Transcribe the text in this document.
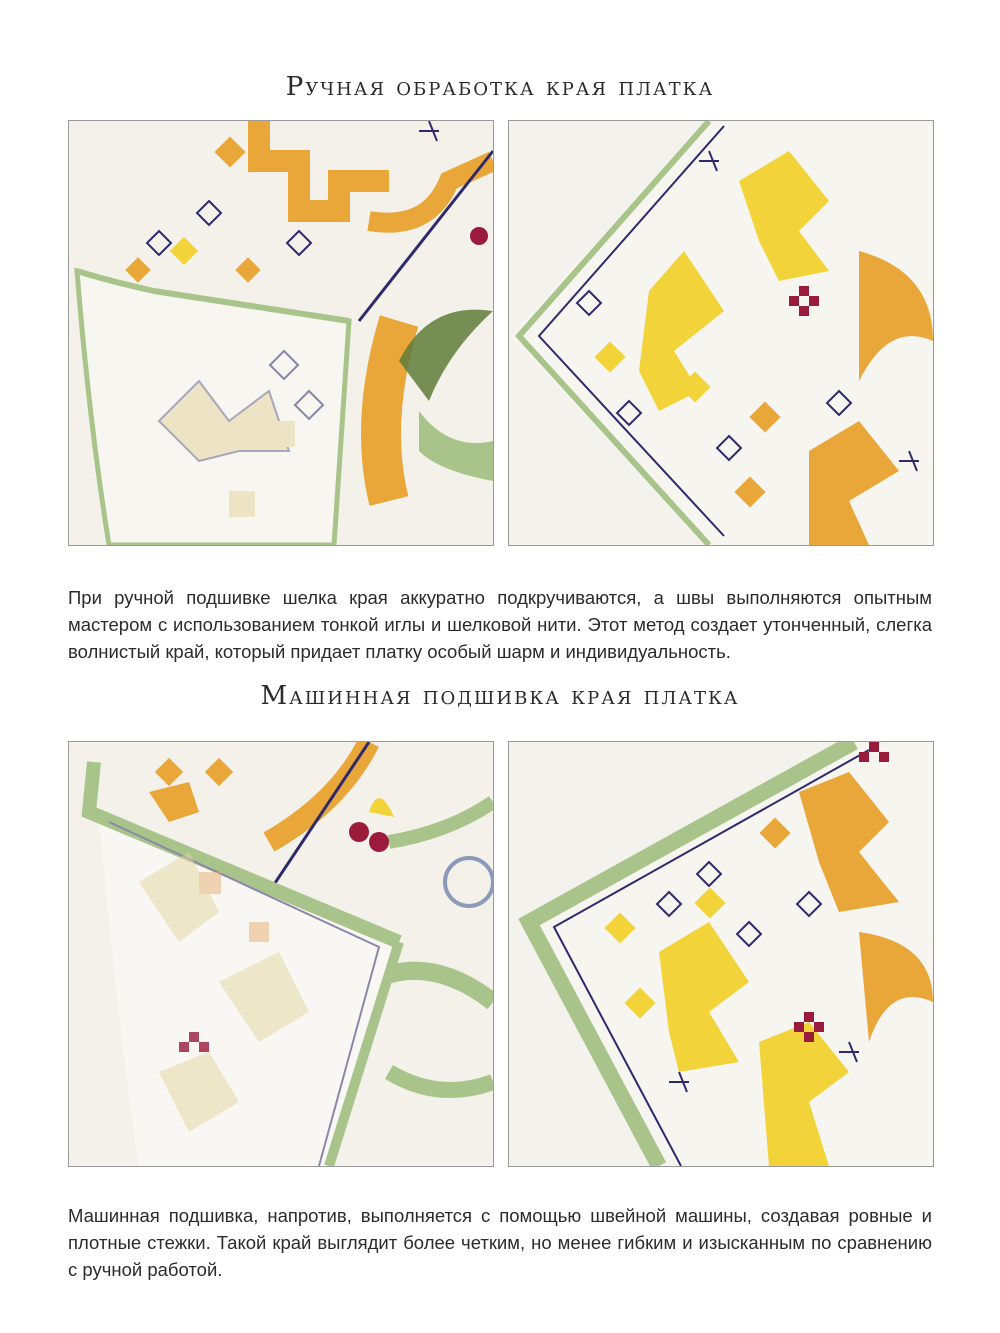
Ручная обработка края платка

При ручной подшивке шелка края аккуратно подкручиваются, а швы выполняются опытным мастером с использованием тонкой иглы и шелковой нити. Этот метод создает утонченный, слегка волнистый край, который придает платку особый шарм и индивидуальность.

Машинная подшивка края платка

Машинная подшивка, напротив, выполняется с помощью швейной машины, создавая ровные и плотные стежки. Такой край выглядит более четким, но менее гибким и изысканным по сравнению с ручной работой.
